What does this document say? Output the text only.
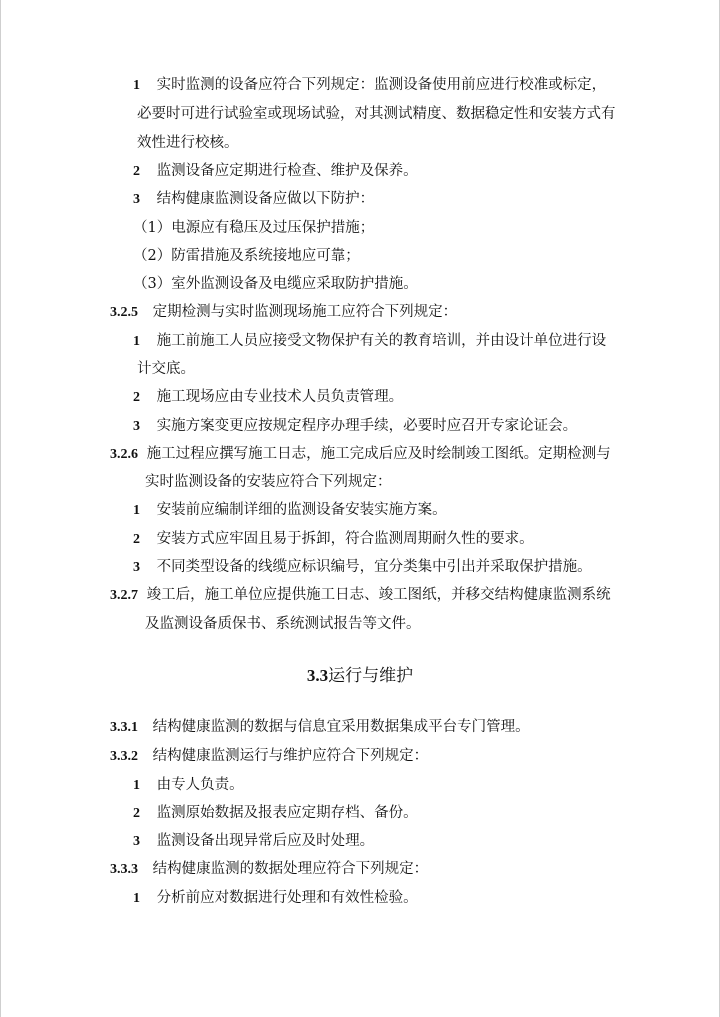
1 实时监测的设备应符合下列规定：监测设备使用前应进行校准或标定，
必要时可进行试验室或现场试验，对其测试精度、数据稳定性和安装方式有
效性进行校核。
2 监测设备应定期进行检查、维护及保养。
3 结构健康监测设备应做以下防护：
（1）电源应有稳压及过压保护措施；
（2）防雷措施及系统接地应可靠；
（3）室外监测设备及电缆应采取防护措施。
3.2.5 定期检测与实时监测现场施工应符合下列规定：
1 施工前施工人员应接受文物保护有关的教育培训，并由设计单位进行设
计交底。
2 施工现场应由专业技术人员负责管理。
3 实施方案变更应按规定程序办理手续，必要时应召开专家论证会。
3.2.6 施工过程应撰写施工日志，施工完成后应及时绘制竣工图纸。定期检测与
实时监测设备的安装应符合下列规定：
1 安装前应编制详细的监测设备安装实施方案。
2 安装方式应牢固且易于拆卸，符合监测周期耐久性的要求。
3 不同类型设备的线缆应标识编号，宜分类集中引出并采取保护措施。
3.2.7 竣工后，施工单位应提供施工日志、竣工图纸，并移交结构健康监测系统
及监测设备质保书、系统测试报告等文件。
3.3运行与维护
3.3.1 结构健康监测的数据与信息宜采用数据集成平台专门管理。
3.3.2 结构健康监测运行与维护应符合下列规定：
1 由专人负责。
2 监测原始数据及报表应定期存档、备份。
3 监测设备出现异常后应及时处理。
3.3.3 结构健康监测的数据处理应符合下列规定：
1 分析前应对数据进行处理和有效性检验。
